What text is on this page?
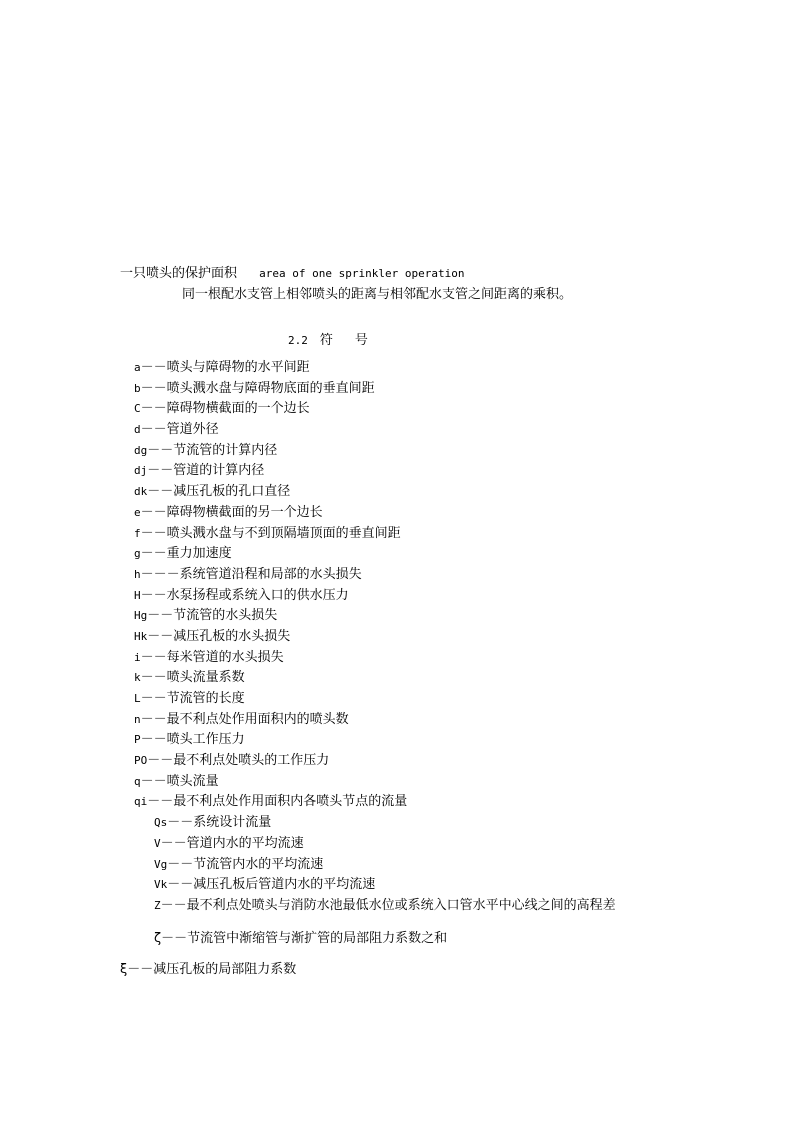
一只喷头的保护面积 area of one sprinkler operation
同一根配水支管上相邻喷头的距离与相邻配水支管之间距离的乘积。
2.2 符 号
a－－喷头与障碍物的水平间距
b－－喷头溅水盘与障碍物底面的垂直间距
C－－障碍物横截面的一个边长
d－－管道外径
dg－－节流管的计算内径
dj－－管道的计算内径
dk－－减压孔板的孔口直径
e－－障碍物横截面的另一个边长
f－－喷头溅水盘与不到顶隔墙顶面的垂直间距
g－－重力加速度
h－－－系统管道沿程和局部的水头损失
H－－水泵扬程或系统入口的供水压力
Hg－－节流管的水头损失
Hk－－减压孔板的水头损失
i－－每米管道的水头损失
k－－喷头流量系数
L－－节流管的长度
n－－最不利点处作用面积内的喷头数
P－－喷头工作压力
PO－－最不利点处喷头的工作压力
q－－喷头流量
qi－－最不利点处作用面积内各喷头节点的流量
Qs－－系统设计流量
V－－管道内水的平均流速
Vg－－节流管内水的平均流速
Vk－－减压孔板后管道内水的平均流速
Z－－最不利点处喷头与消防水池最低水位或系统入口管水平中心线之间的高程差
ζ－－节流管中渐缩管与渐扩管的局部阻力系数之和
ξ－－减压孔板的局部阻力系数
